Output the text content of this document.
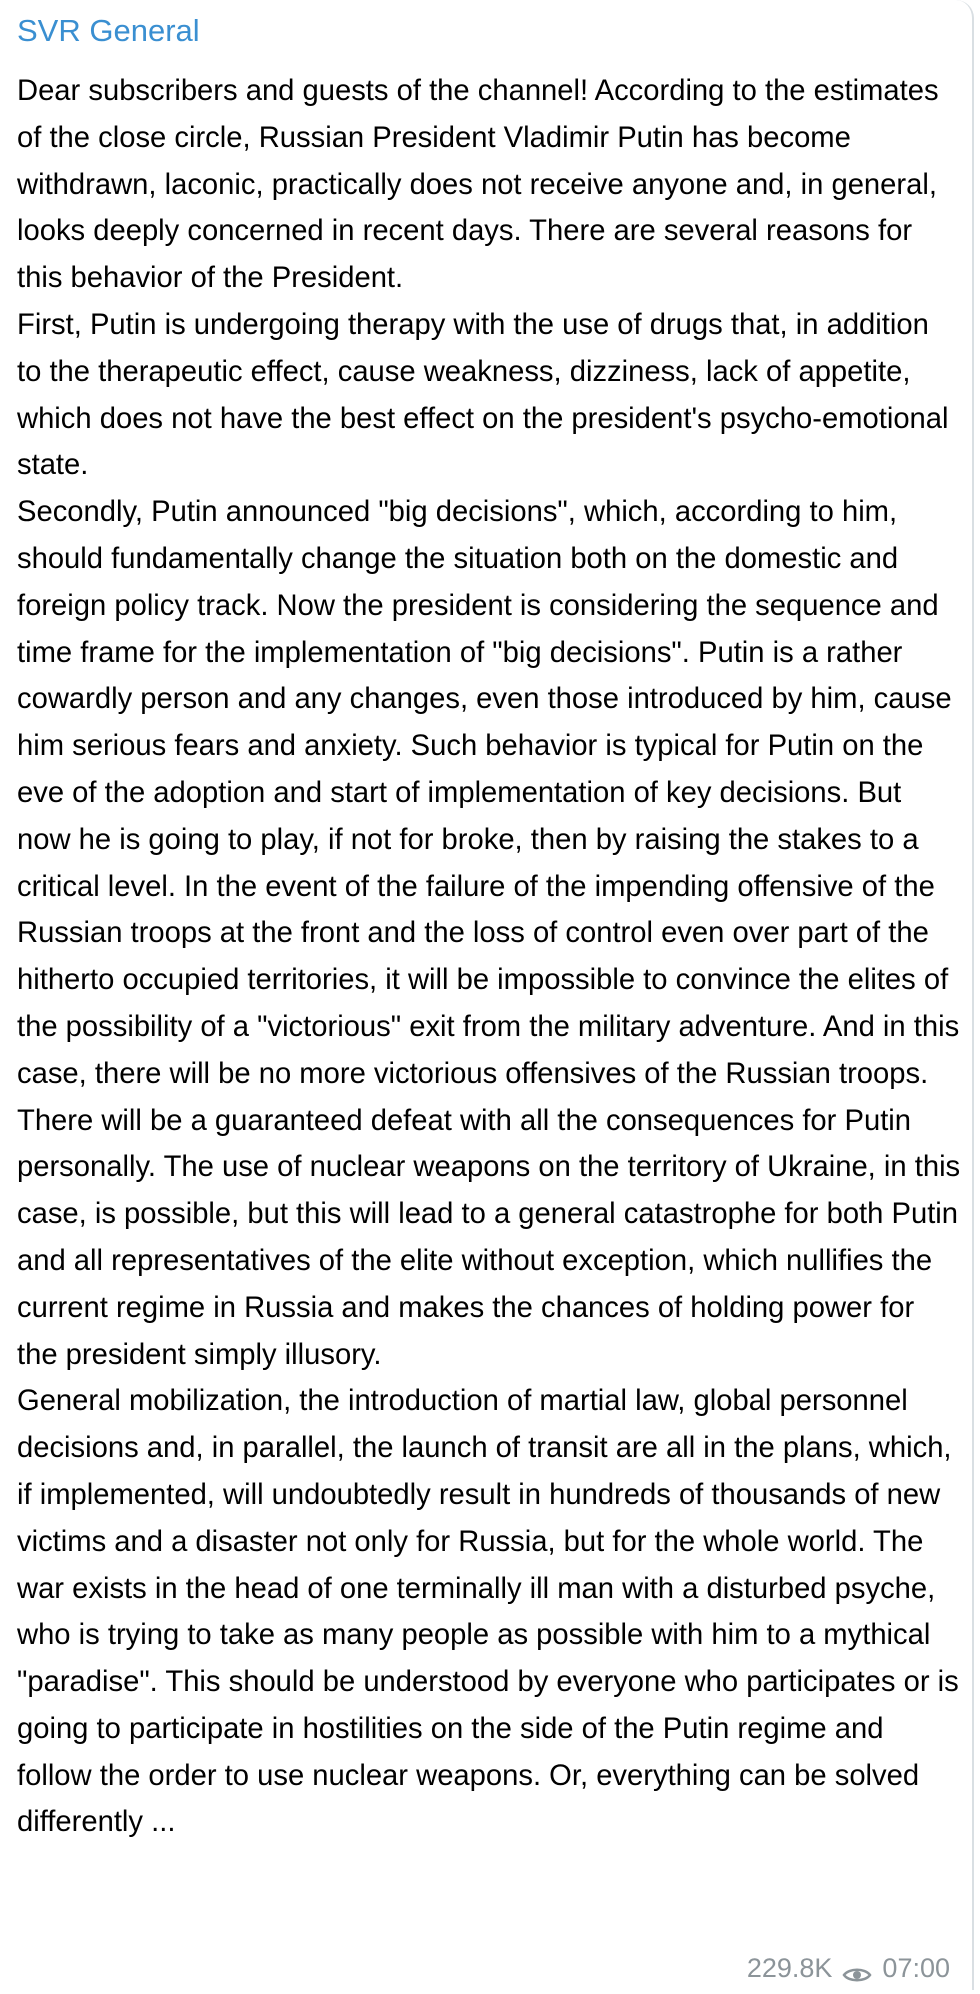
SVR General

Dear subscribers and guests of the channel! According to the estimates of the close circle, Russian President Vladimir Putin has become withdrawn, laconic, practically does not receive anyone and, in general, looks deeply concerned in recent days. There are several reasons for this behavior of the President.

First, Putin is undergoing therapy with the use of drugs that, in addition to the therapeutic effect, cause weakness, dizziness, lack of appetite, which does not have the best effect on the president's psycho-emotional state.

Secondly, Putin announced "big decisions", which, according to him, should fundamentally change the situation both on the domestic and foreign policy track. Now the president is considering the sequence and time frame for the implementation of "big decisions". Putin is a rather cowardly person and any changes, even those introduced by him, cause him serious fears and anxiety. Such behavior is typical for Putin on the eve of the adoption and start of implementation of key decisions. But now he is going to play, if not for broke, then by raising the stakes to a critical level. In the event of the failure of the impending offensive of the Russian troops at the front and the loss of control even over part of the hitherto occupied territories, it will be impossible to convince the elites of the possibility of a "victorious" exit from the military adventure. And in this case, there will be no more victorious offensives of the Russian troops. There will be a guaranteed defeat with all the consequences for Putin personally. The use of nuclear weapons on the territory of Ukraine, in this case, is possible, but this will lead to a general catastrophe for both Putin and all representatives of the elite without exception, which nullifies the current regime in Russia and makes the chances of holding power for the president simply illusory.

General mobilization, the introduction of martial law, global personnel decisions and, in parallel, the launch of transit are all in the plans, which, if implemented, will undoubtedly result in hundreds of thousands of new victims and a disaster not only for Russia, but for the whole world. The war exists in the head of one terminally ill man with a disturbed psyche, who is trying to take as many people as possible with him to a mythical "paradise". This should be understood by everyone who participates or is going to participate in hostilities on the side of the Putin regime and follow the order to use nuclear weapons. Or, everything can be solved differently ...

229.8K 07:00
